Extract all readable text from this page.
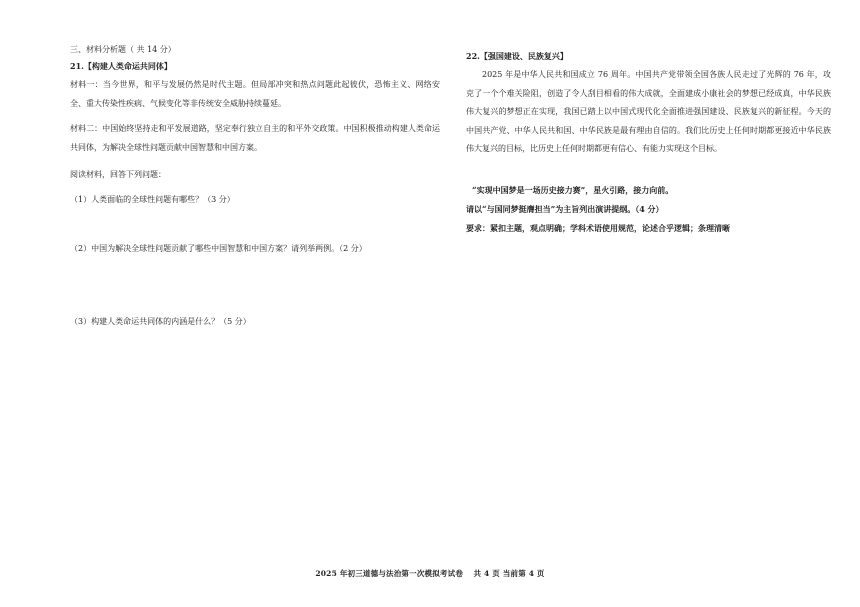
三、材料分析题（ 共 14 分）
21.【构建人类命运共同体】
材料一：当今世界，和平与发展仍然是时代主题。但局部冲突和热点问题此起彼伏，恐怖主义、网络安全、重大传染性疾病、气候变化等非传统安全威胁持续蔓延。
材料二：中国始终坚持走和平发展道路，坚定奉行独立自主的和平外交政策。中国积极推动构建人类命运共同体，为解决全球性问题贡献中国智慧和中国方案。
阅读材料，回答下列问题：
（1）人类面临的全球性问题有哪些？（3 分）
（2）中国为解决全球性问题贡献了哪些中国智慧和中国方案？请列举两例。（2 分）
（3）构建人类命运共同体的内涵是什么？（5 分）
22.【强国建设、民族复兴】
2025 年是中华人民共和国成立 76 周年。中国共产党带领全国各族人民走过了光辉的 76 年，攻克了一个个难关险阻，创造了令人刮目相看的伟大成就，全面建成小康社会的梦想已经成真，中华民族伟大复兴的梦想正在实现，我国已踏上以中国式现代化全面推进强国建设、民族复兴的新征程。今天的中国共产党、中华人民共和国、中华民族是最有理由自信的。我们比历史上任何时期都更接近中华民族伟大复兴的目标，比历史上任何时期都更有信心、有能力实现这个目标。
“实现中国梦是一场历史接力赛”，星火引路，接力向前。
请以“与国同梦挺膺担当”为主旨列出演讲提纲。（4 分）
要求：紧扣主题，观点明确；学科术语使用规范，论述合乎逻辑；条理清晰
2025 年初三道德与法治第一次模拟考试卷　 共 4 页 当前第 4 页
